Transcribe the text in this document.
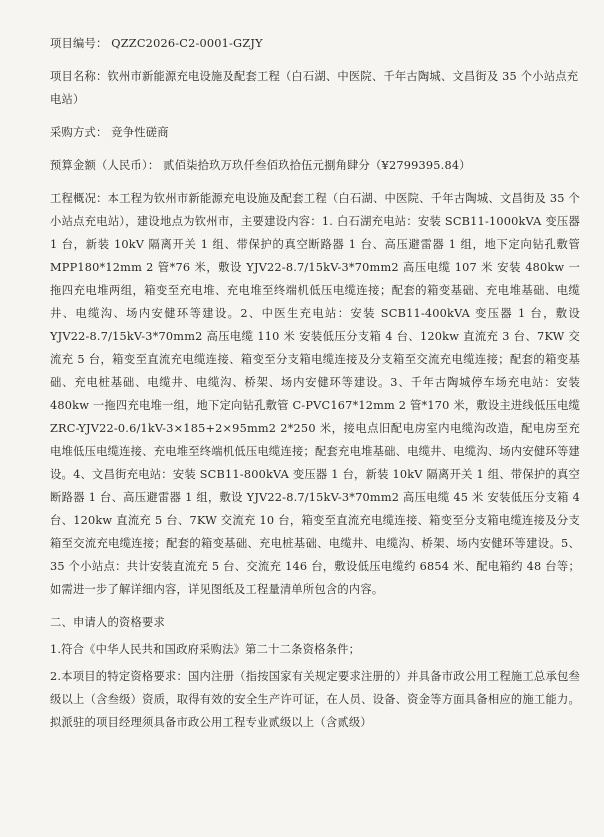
项目编号： QZZC2026-C2-0001-GZJY

项目名称：钦州市新能源充电设施及配套工程（白石湖、中医院、千年古陶城、文昌街及 35 个小站点充电站）

采购方式： 竞争性磋商

预算金额（人民币）： 贰佰柒拾玖万玖仟叁佰玖拾伍元捌角肆分（¥2799395.84）

工程概况：本工程为钦州市新能源充电设施及配套工程（白石湖、中医院、千年古陶城、文昌街及 35 个小站点充电站），建设地点为钦州市，主要建设内容：1. 白石湖充电站：安装 SCB11-1000kVA 变压器 1 台，新装 10kV 隔离开关 1 组、带保护的真空断路器 1 台、高压避雷器 1 组，地下定向钻孔敷管 MPP180*12mm 2 管*76 米，敷设 YJV22-8.7/15kV-3*70mm2 高压电缆 107 米 安装 480kw 一拖四充电堆两组，箱变至充电堆、充电堆至终端机低压电缆连接；配套的箱变基础、充电堆基础、电缆井、电缆沟、场内安健环等建设。2、中医生充电站：安装 SCB11-400kVA 变压器 1 台，敷设 YJV22-8.7/15kV-3*70mm2 高压电缆 110 米 安装低压分支箱 4 台、120kw 直流充 3 台、7KW 交流充 5 台，箱变至直流充电缆连接、箱变至分支箱电缆连接及分支箱至交流充电缆连接；配套的箱变基础、充电桩基础、电缆井、电缆沟、桥架、场内安健环等建设。3、千年古陶城停车场充电站：安装 480kw 一拖四充电堆一组，地下定向钻孔敷管 C-PVC167*12mm 2 管*170 米，敷设主进线低压电缆 ZRC-YJV22-0.6/1kV-3×185+2×95mm2 2*250 米，接电点旧配电房室内电缆沟改造，配电房至充电堆低压电缆连接、充电堆至终端机低压电缆连接；配套充电堆基础、电缆井、电缆沟、场内安健环等建设。4、文昌街充电站：安装 SCB11-800kVA 变压器 1 台，新装 10kV 隔离开关 1 组、带保护的真空断路器 1 台、高压避雷器 1 组，敷设 YJV22-8.7/15kV-3*70mm2 高压电缆 45 米 安装低压分支箱 4 台、120kw 直流充 5 台、7KW 交流充 10 台，箱变至直流充电缆连接、箱变至分支箱电缆连接及分支箱至交流充电缆连接；配套的箱变基础、充电桩基础、电缆井、电缆沟、桥架、场内安健环等建设。5、35 个小站点：共计安装直流充 5 台、交流充 146 台，敷设低压电缆约 6854 米、配电箱约 48 台等；如需进一步了解详细内容，详见图纸及工程量清单所包含的内容。

二、申请人的资格要求

1.符合《中华人民共和国政府采购法》第二十二条资格条件；

2.本项目的特定资格要求：国内注册（指按国家有关规定要求注册的）并具备市政公用工程施工总承包叁级以上（含叁级）资质，取得有效的安全生产许可证，在人员、设备、资金等方面具备相应的施工能力。拟派驻的项目经理须具备市政公用工程专业贰级以上（含贰级）
